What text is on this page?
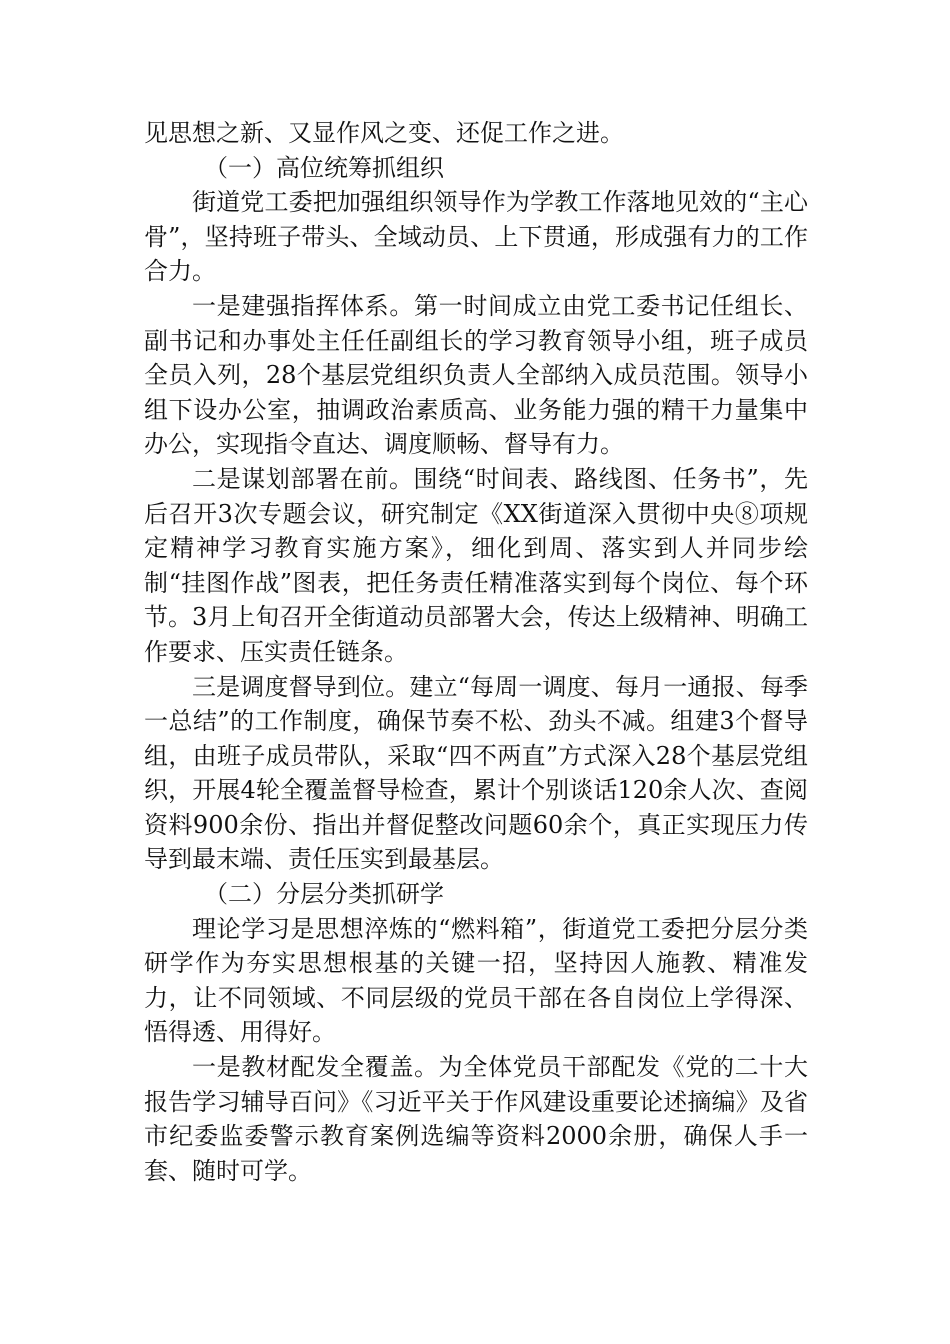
见思想之新、又显作风之变、还促工作之进。

（一）高位统筹抓组织

街道党工委把加强组织领导作为学教工作落地见效的“主心骨”，坚持班子带头、全域动员、上下贯通，形成强有力的工作合力。

一是建强指挥体系。第一时间成立由党工委书记任组长、副书记和办事处主任任副组长的学习教育领导小组，班子成员全员入列，28个基层党组织负责人全部纳入成员范围。领导小组下设办公室，抽调政治素质高、业务能力强的精干力量集中办公，实现指令直达、调度顺畅、督导有力。

二是谋划部署在前。围绕“时间表、路线图、任务书”，先后召开3次专题会议，研究制定《XX街道深入贯彻中央⑧项规定精神学习教育实施方案》，细化到周、落实到人并同步绘制“挂图作战”图表，把任务责任精准落实到每个岗位、每个环节。3月上旬召开全街道动员部署大会，传达上级精神、明确工作要求、压实责任链条。

三是调度督导到位。建立“每周一调度、每月一通报、每季一总结”的工作制度，确保节奏不松、劲头不减。组建3个督导组，由班子成员带队，采取“四不两直”方式深入28个基层党组织，开展4轮全覆盖督导检查，累计个别谈话120余人次、查阅资料900余份、指出并督促整改问题60余个，真正实现压力传导到最末端、责任压实到最基层。

（二）分层分类抓研学

理论学习是思想淬炼的“燃料箱”，街道党工委把分层分类研学作为夯实思想根基的关键一招，坚持因人施教、精准发力，让不同领域、不同层级的党员干部在各自岗位上学得深、悟得透、用得好。

一是教材配发全覆盖。为全体党员干部配发《党的二十大报告学习辅导百问》《习近平关于作风建设重要论述摘编》及省市纪委监委警示教育案例选编等资料2000余册，确保人手一套、随时可学。
